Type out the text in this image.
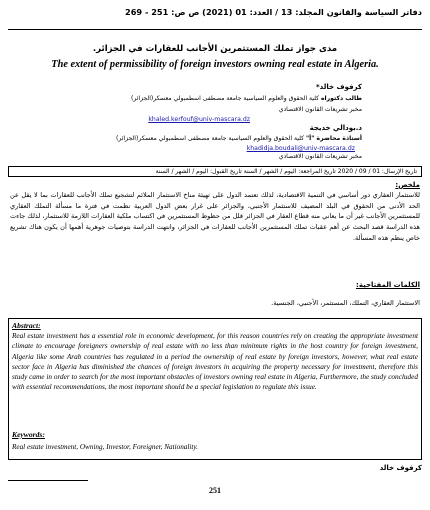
دفاتر السياسة والقانون المجلد: 13 / العدد: 01 (2021) ص ص: 251 - 269
مدى جواز تملك المستثمرين الأجانب للعقارات في الجزائر.
The extent of permissibility of foreign investors owning real estate in Algeria.
كرفوف خالد*
طالب دكتوراه كلية الحقوق والعلوم السياسية جامعة مصطفى اسطمبولي معسكر(الجزائر)
مخبر تشريعات القانون الاقتصادي
khaled.kerfouf@univ-mascara.dz
د.بودالي خديجة
أستاذة محاضرة "أ" كلية الحقوق والعلوم السياسية جامعة مصطفى اسطمبولي معسكر(الجزائر)
khadidja.boudali@univ-mascara.dz
مخبر تشريعات القانون الاقتصادي
تاريخ الإرسال: 01 / 09 / 2020 تاريخ المراجعة: اليوم / الشهر / السنة تاريخ القبول: اليوم / الشهر / السنة
ملخص:
للاستثمار العقاري دور أساسي في التنمية الاقتصادية، لذلك تعتمد الدول على تهيئة مناخ الاستثمار الملائم لتشجيع تملك الأجانب للعقارات بما لا يقل عن الحد الأدنى من الحقوق في البلد المضيف للاستثمار الأجنبي، والجزائر على غرار بعض الدول العربية نظمت في فترة ما مسألة التملك العقاري للمستثمرين الأجانب غير أن ما يعاني منه قطاع العقار في الجزائر قلل من حظوظ المستثمرين في اكتساب ملكية العقارات اللازمة للاستثمار، لذلك جاءت هذه الدراسة قصد البحث عن أهم عقبات تملك المستثمرين الأجانب للعقارات في الجزائر، وانتهت الدراسة بتوصيات جوهرية أهمها أن يكون هناك تشريع خاص ينظم هذه المسألة.
الكلمات المفتاحية:
الاستثمار العقاري، التملك، المستثمر، الأجنبي، الجنسية.
Abstract:
Real estate investment has a essential role in economic development, for this reason countries rely on creating the appropriate investment climate to encourage foreigners ownership of real estate with no less than minimum rights in the host country for foreign investment, Algeria like some Arab countries has regulated in a period the ownership of real estate by foreign investors, however, what real estate sector face in Algeria has diminished the chances of foreign investors in acquiring the property necessary for investment, therefore this study came in order to search for the most important obstacles of investors owning real estate in Algeria, Furthermore, the study concluded with essential recommendations, the most important should be a special legislation to regulate this issue.
Keywords:
Real estate investment, Owning, Investor, Foreigner, Nationality.
كرفوف خالد
251
